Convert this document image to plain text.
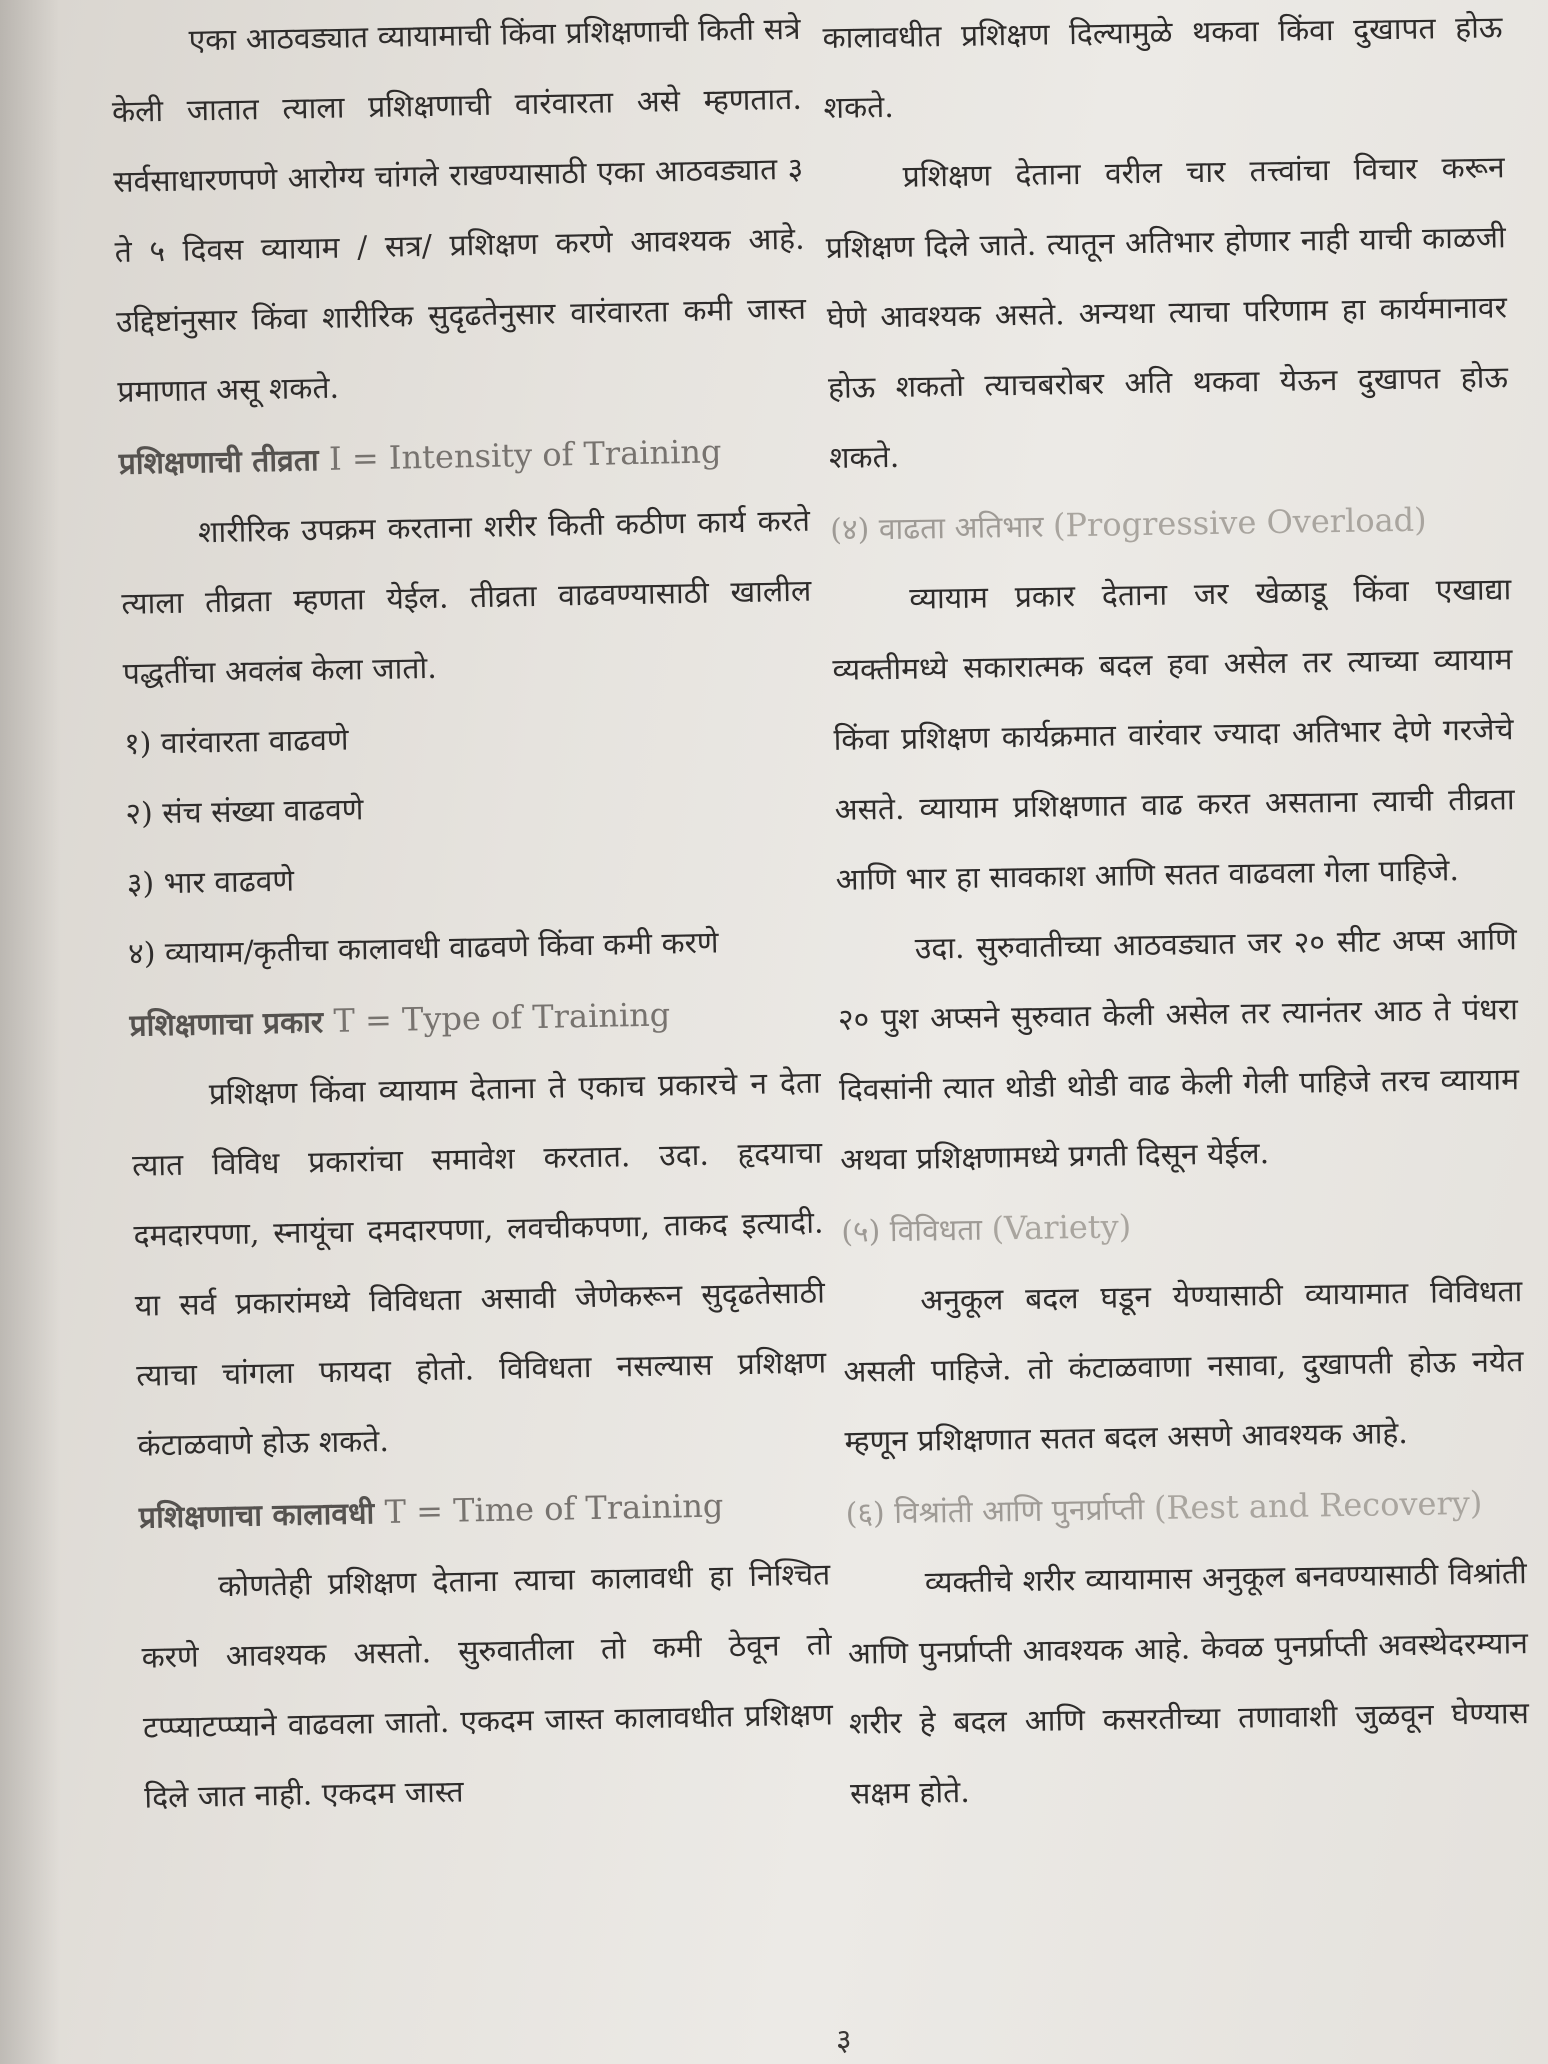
एका आठवड्यात व्यायामाची किंवा प्रशिक्षणाची किती सत्रे केली जातात त्याला प्रशिक्षणाची वारंवारता असे म्हणतात. सर्वसाधारणपणे आरोग्य चांगले राखण्यासाठी एका आठवड्यात ३ ते ५ दिवस व्यायाम / सत्र/ प्रशिक्षण करणे आवश्यक आहे. उद्दिष्टांनुसार किंवा शारीरिक सुदृढतेनुसार वारंवारता कमी जास्त प्रमाणात असू शकते.

प्रशिक्षणाची तीव्रता I = Intensity of Training

शारीरिक उपक्रम करताना शरीर किती कठीण कार्य करते त्याला तीव्रता म्हणता येईल. तीव्रता वाढवण्यासाठी खालील पद्धतींचा अवलंब केला जातो.

१) वारंवारता वाढवणे
२) संच संख्या वाढवणे
३) भार वाढवणे

४) व्यायाम/कृतीचा कालावधी वाढवणे किंवा कमी करणे

प्रशिक्षणाचा प्रकार T = Type of Training

प्रशिक्षण किंवा व्यायाम देताना ते एकाच प्रकारचे न देता त्यात विविध प्रकारांचा समावेश करतात. उदा. हृदयाचा दमदारपणा, स्नायूंचा दमदारपणा, लवचीकपणा, ताकद इत्यादी. या सर्व प्रकारांमध्ये विविधता असावी जेणेकरून सुदृढतेसाठी त्याचा चांगला फायदा होतो. विविधता नसल्यास प्रशिक्षण कंटाळवाणे होऊ शकते.

प्रशिक्षणाचा कालावधी T = Time of Training

कोणतेही प्रशिक्षण देताना त्याचा कालावधी हा निश्चित करणे आवश्यक असतो. सुरुवातीला तो कमी ठेवून तो टप्प्याटप्प्याने वाढवला जातो. एकदम जास्त कालावधीत प्रशिक्षण दिले जात नाही. एकदम जास्त

कालावधीत प्रशिक्षण दिल्यामुळे थकवा किंवा दुखापत होऊ शकते.

प्रशिक्षण देताना वरील चार तत्त्वांचा विचार करून प्रशिक्षण दिले जाते. त्यातून अतिभार होणार नाही याची काळजी घेणे आवश्यक असते. अन्यथा त्याचा परिणाम हा कार्यमानावर होऊ शकतो त्याचबरोबर अति थकवा येऊन दुखापत होऊ शकते.

(४) वाढता अतिभार (Progressive Overload)

व्यायाम प्रकार देताना जर खेळाडू किंवा एखाद्या व्यक्तीमध्ये सकारात्मक बदल हवा असेल तर त्याच्या व्यायाम किंवा प्रशिक्षण कार्यक्रमात वारंवार ज्यादा अतिभार देणे गरजेचे असते. व्यायाम प्रशिक्षणात वाढ करत असताना त्याची तीव्रता आणि भार हा सावकाश आणि सतत वाढवला गेला पाहिजे.

उदा. सुरुवातीच्या आठवड्यात जर २० सीट अप्स आणि २० पुश अप्सने सुरुवात केली असेल तर त्यानंतर आठ ते पंधरा दिवसांनी त्यात थोडी थोडी वाढ केली गेली पाहिजे तरच व्यायाम अथवा प्रशिक्षणामध्ये प्रगती दिसून येईल.

(५) विविधता (Variety)

अनुकूल बदल घडून येण्यासाठी व्यायामात विविधता असली पाहिजे. तो कंटाळवाणा नसावा, दुखापती होऊ नयेत म्हणून प्रशिक्षणात सतत बदल असणे आवश्यक आहे.

(६) विश्रांती आणि पुनर्प्राप्ती (Rest and Recovery)

व्यक्तीचे शरीर व्यायामास अनुकूल बनवण्यासाठी विश्रांती आणि पुनर्प्राप्ती आवश्यक आहे. केवळ पुनर्प्राप्ती अवस्थेदरम्यान शरीर हे बदल आणि कसरतीच्या तणावाशी जुळवून घेण्यास सक्षम होते.

३
